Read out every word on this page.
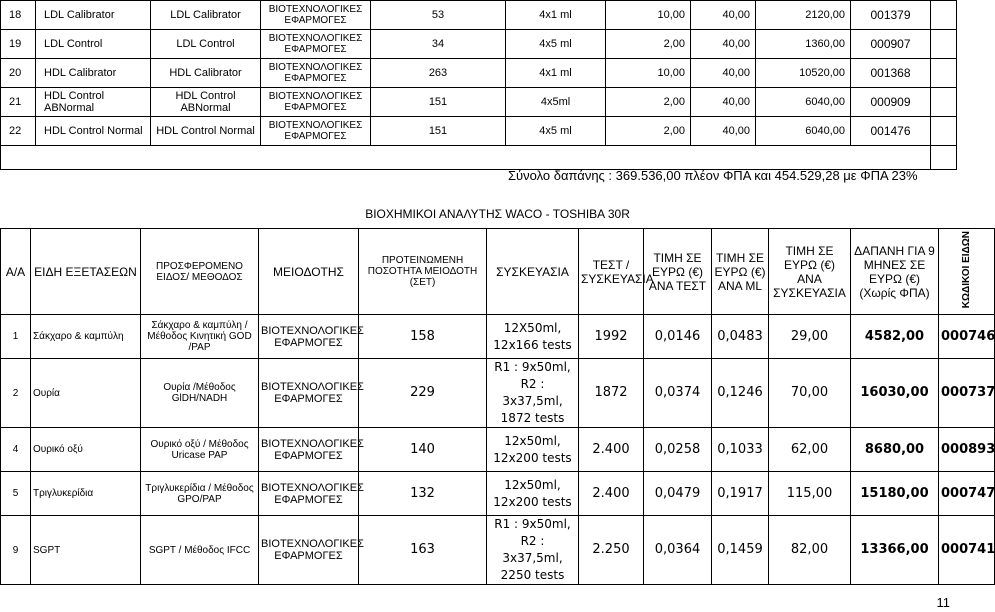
18	LDL Calibrator	LDL Calibrator	ΒΙΟΤΕΧΝΟΛΟΓΙΚΕΣ ΕΦΑΡΜΟΓΕΣ	53	4x1 ml	10,00	40,00	2120,00	001379	
19	LDL Control	LDL Control	ΒΙΟΤΕΧΝΟΛΟΓΙΚΕΣ ΕΦΑΡΜΟΓΕΣ	34	4x5 ml	2,00	40,00	1360,00	000907	
20	HDL Calibrator	HDL Calibrator	ΒΙΟΤΕΧΝΟΛΟΓΙΚΕΣ ΕΦΑΡΜΟΓΕΣ	263	4x1 ml	10,00	40,00	10520,00	001368	
21	HDL Control ABNormal	HDL Control ABNormal	ΒΙΟΤΕΧΝΟΛΟΓΙΚΕΣ ΕΦΑΡΜΟΓΕΣ	151	4x5ml	2,00	40,00	6040,00	000909	
22	HDL Control Normal	HDL Control Normal	ΒΙΟΤΕΧΝΟΛΟΓΙΚΕΣ ΕΦΑΡΜΟΓΕΣ	151	4x5 ml	2,00	40,00	6040,00	001476	

Σύνολο δαπάνης : 369.536,00 πλέον ΦΠΑ και 454.529,28 με ΦΠΑ 23%
ΒΙΟΧΗΜΙΚΟΙ ΑΝΑΛΥΤΗΣ WACO - TOSHIBA 30R											
Α/Α	ΕΙΔΗ ΕΞΕΤΑΣΕΩΝ	ΠΡΟΣΦΕΡΟΜΕΝΟ ΕΙΔΟΣ/ ΜΕΘΟΔΟΣ	ΜΕΙΟΔΟΤΗΣ	ΠΡΟΤΕΙΝΩΜΕΝΗ ΠΟΣΟΤΗΤΑ ΜΕΙΟΔΟΤΗ (ΣΕΤ)	ΣΥΣΚΕΥΑΣΙΑ	ΤΕΣΤ / ΣΥΣΚΕΥΑΣΙΑ	ΤΙΜΗ ΣΕ ΕΥΡΩ (€) ΑΝΑ ΤΕΣΤ	ΤΙΜΗ ΣΕ ΕΥΡΩ (€) ΑΝΑ ML	ΤΙΜΗ ΣΕ ΕΥΡΩ (€) ΑΝΑ ΣΥΣΚΕΥΑΣΙΑ	ΔΑΠΑΝΗ ΓΙΑ 9 ΜΗΝΕΣ ΣΕ ΕΥΡΩ (€) (Χωρίς ΦΠΑ)	ΚΩΔΙΚΟΙ ΕΙΔΩΝ
1	Σάκχαρο & καμπύλη	Σάκχαρο & καμπύλη /Μέθοδος Κινητική GOD /PAP	ΒΙΟΤΕΧΝΟΛΟΓΙΚΕΣ ΕΦΑΡΜΟΓΕΣ	158	12X50ml, 12x166 tests	1992	0,0146	0,0483	29,00	4582,00	000746
2	Ουρία	Ουρία /Μέθοδος GlDH/NADH	ΒΙΟΤΕΧΝΟΛΟΓΙΚΕΣ ΕΦΑΡΜΟΓΕΣ	229	R1 : 9x50ml, R2 : 3x37,5ml, 1872 tests	1872	0,0374	0,1246	70,00	16030,00	000737
4	Ουρικό οξύ	Ουρικό οξύ / Μέθοδος Uricase PAP	ΒΙΟΤΕΧΝΟΛΟΓΙΚΕΣ ΕΦΑΡΜΟΓΕΣ	140	12x50ml, 12x200 tests	2.400	0,0258	0,1033	62,00	8680,00	000893
5	Τριγλυκερίδια	Τριγλυκερίδια / Μέθοδος GPO/PAP	ΒΙΟΤΕΧΝΟΛΟΓΙΚΕΣ ΕΦΑΡΜΟΓΕΣ	132	12x50ml, 12x200 tests	2.400	0,0479	0,1917	115,00	15180,00	000747
9	SGPT	SGPT / Μέθοδος IFCC	ΒΙΟΤΕΧΝΟΛΟΓΙΚΕΣ ΕΦΑΡΜΟΓΕΣ	163	R1 : 9x50ml, R2 : 3x37,5ml, 2250 tests	2.250	0,0364	0,1459	82,00	13366,00	000741
11
